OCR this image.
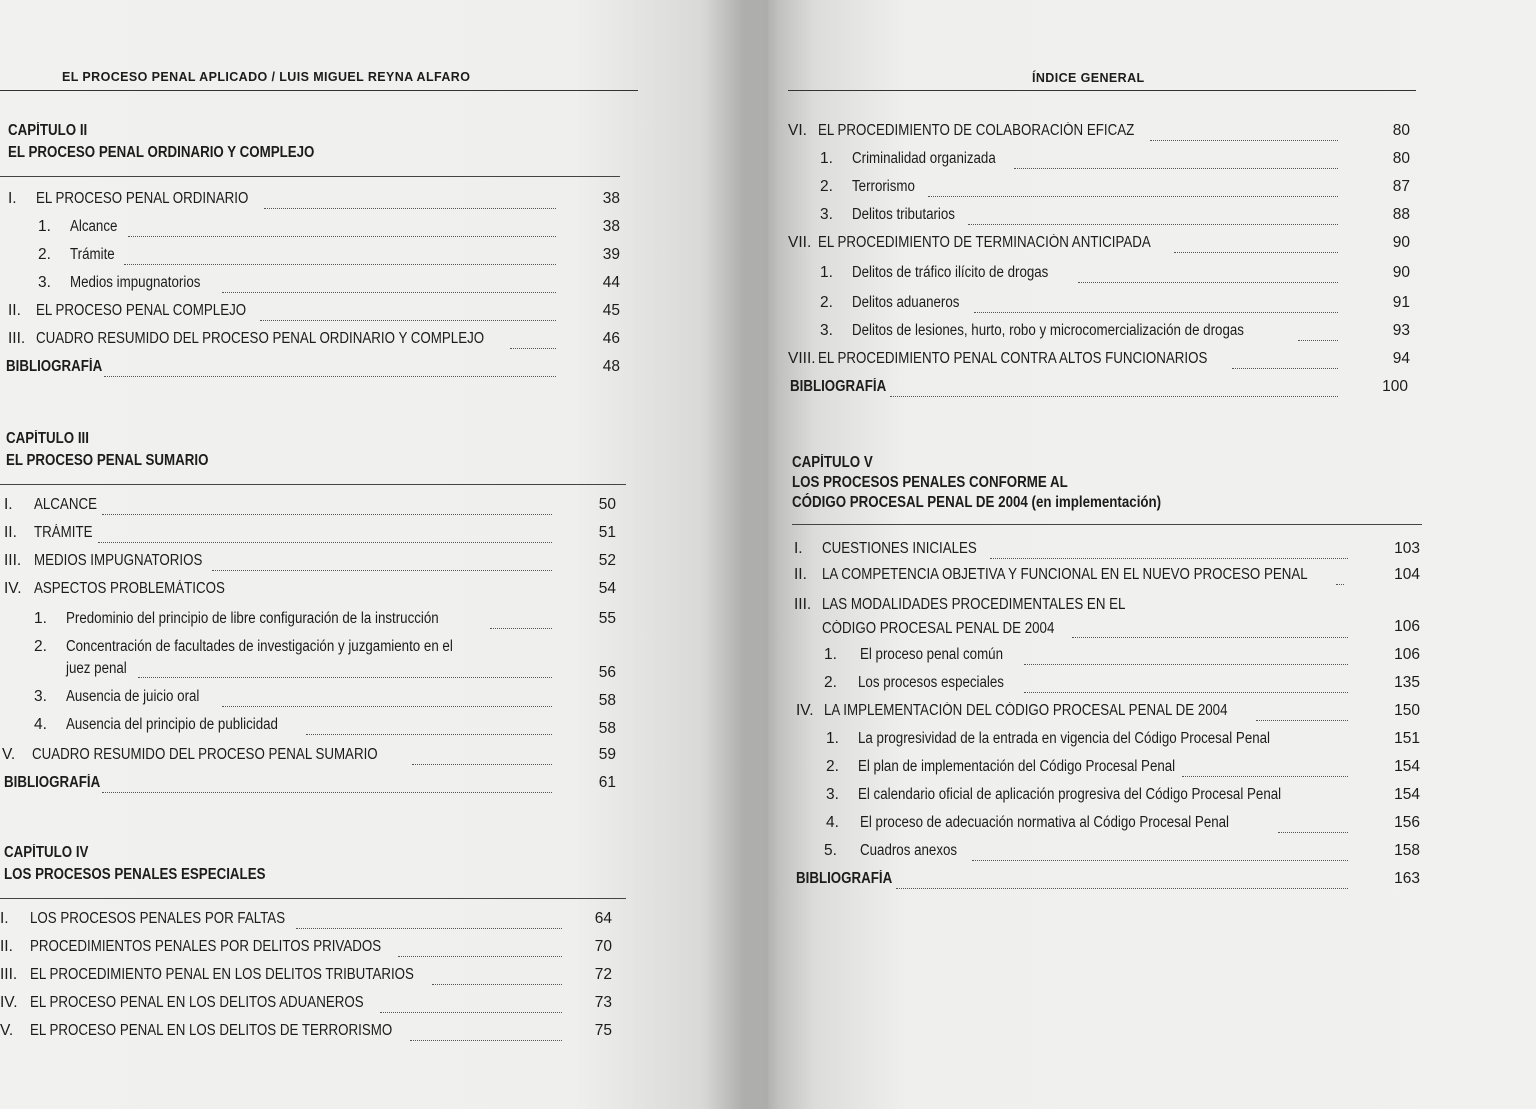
EL PROCESO PENAL APLICADO / LUIS MIGUEL REYNA ALFARO
CAPÍTULO II
EL PROCESO PENAL ORDINARIO Y COMPLEJO
I. EL PROCESO PENAL ORDINARIO	38
1. Alcance	38
2. Trámite	39
3. Medios impugnatorios	44
II. EL PROCESO PENAL COMPLEJO	45
III. CUADRO RESUMIDO DEL PROCESO PENAL ORDINARIO Y COMPLEJO	46
BIBLIOGRAFÍA	48
CAPÍTULO III
EL PROCESO PENAL SUMARIO
I. ALCANCE	50
II. TRÁMITE	51
III. MEDIOS IMPUGNATORIOS	52
IV. ASPECTOS PROBLEMÁTICOS	54
1. Predominio del principio de libre configuración de la instrucción	55
2. Concentración de facultades de investigación y juzgamiento en el
juez penal	56
3. Ausencia de juicio oral	58
4. Ausencia del principio de publicidad	58
V. CUADRO RESUMIDO DEL PROCESO PENAL SUMARIO	59
BIBLIOGRAFÍA	61
CAPÍTULO IV
LOS PROCESOS PENALES ESPECIALES
I. LOS PROCESOS PENALES POR FALTAS	64
II. PROCEDIMIENTOS PENALES POR DELITOS PRIVADOS	70
III. EL PROCEDIMIENTO PENAL EN LOS DELITOS TRIBUTARIOS	72
IV. EL PROCESO PENAL EN LOS DELITOS ADUANEROS	73
V. EL PROCESO PENAL EN LOS DELITOS DE TERRORISMO	75
ÍNDICE GENERAL
VI. EL PROCEDIMIENTO DE COLABORACIÓN EFICAZ	80
1. Criminalidad organizada	80
2. Terrorismo	87
3. Delitos tributarios	88
VII. EL PROCEDIMIENTO DE TERMINACIÓN ANTICIPADA	90
1. Delitos de tráfico ilícito de drogas	90
2. Delitos aduaneros	91
3. Delitos de lesiones, hurto, robo y microcomercialización de drogas	93
VIII. EL PROCEDIMIENTO PENAL CONTRA ALTOS FUNCIONARIOS	94
BIBLIOGRAFÍA	100
CAPÍTULO V
LOS PROCESOS PENALES CONFORME AL
CÓDIGO PROCESAL PENAL DE 2004 (en implementación)
I. CUESTIONES INICIALES	103
II. LA COMPETENCIA OBJETIVA Y FUNCIONAL EN EL NUEVO PROCESO PENAL	104
III. LAS MODALIDADES PROCEDIMENTALES EN EL
CÓDIGO PROCESAL PENAL DE 2004	106
1. El proceso penal común	106
2. Los procesos especiales	135
IV. LA IMPLEMENTACIÓN DEL CÓDIGO PROCESAL PENAL DE 2004	150
1. La progresividad de la entrada en vigencia del Código Procesal Penal	151
2. El plan de implementación del Código Procesal Penal	154
3. El calendario oficial de aplicación progresiva del Código Procesal Penal	154
4. El proceso de adecuación normativa al Código Procesal Penal	156
5. Cuadros anexos	158
BIBLIOGRAFÍA	163
